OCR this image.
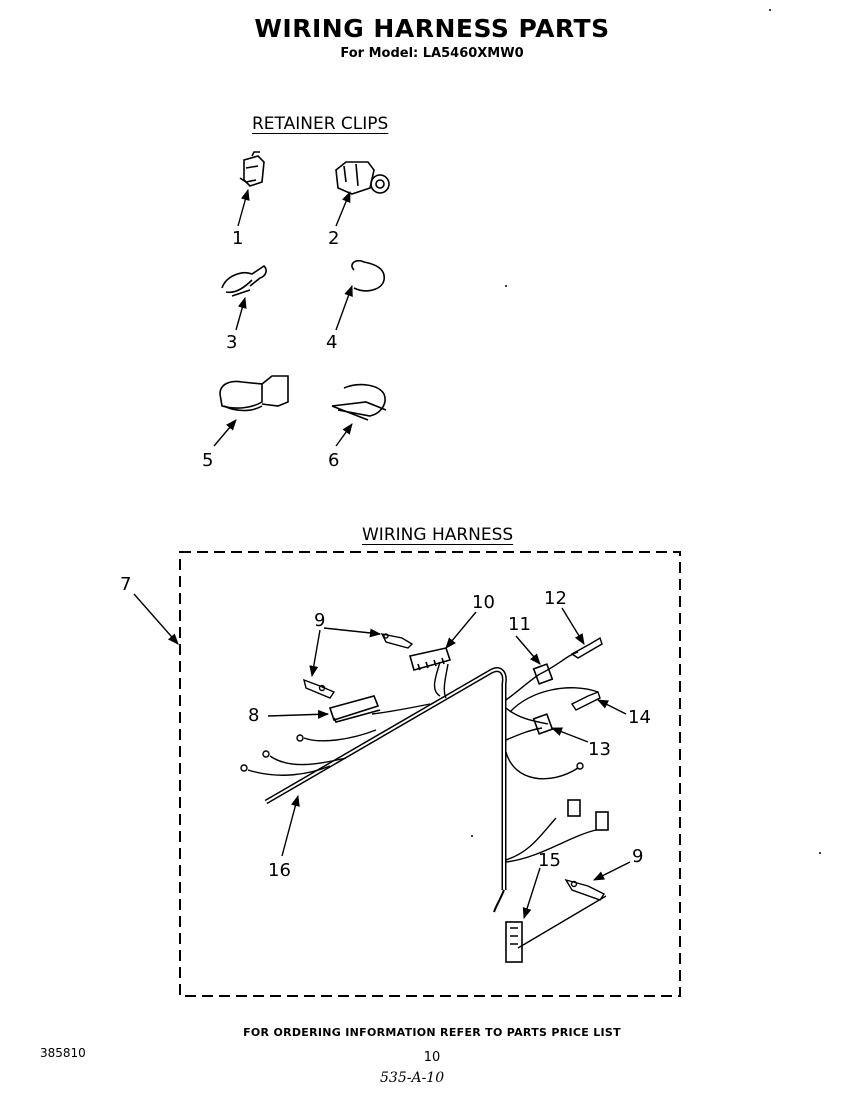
WIRING HARNESS PARTS
For Model: LA5460XMW0
RETAINER CLIPS
WIRING HARNESS
1	2
3	4
5	6
7
8
9
9
10
11
12
13
14
15
16
FOR ORDERING INFORMATION REFER TO PARTS PRICE LIST
385810	10
535-A-10
